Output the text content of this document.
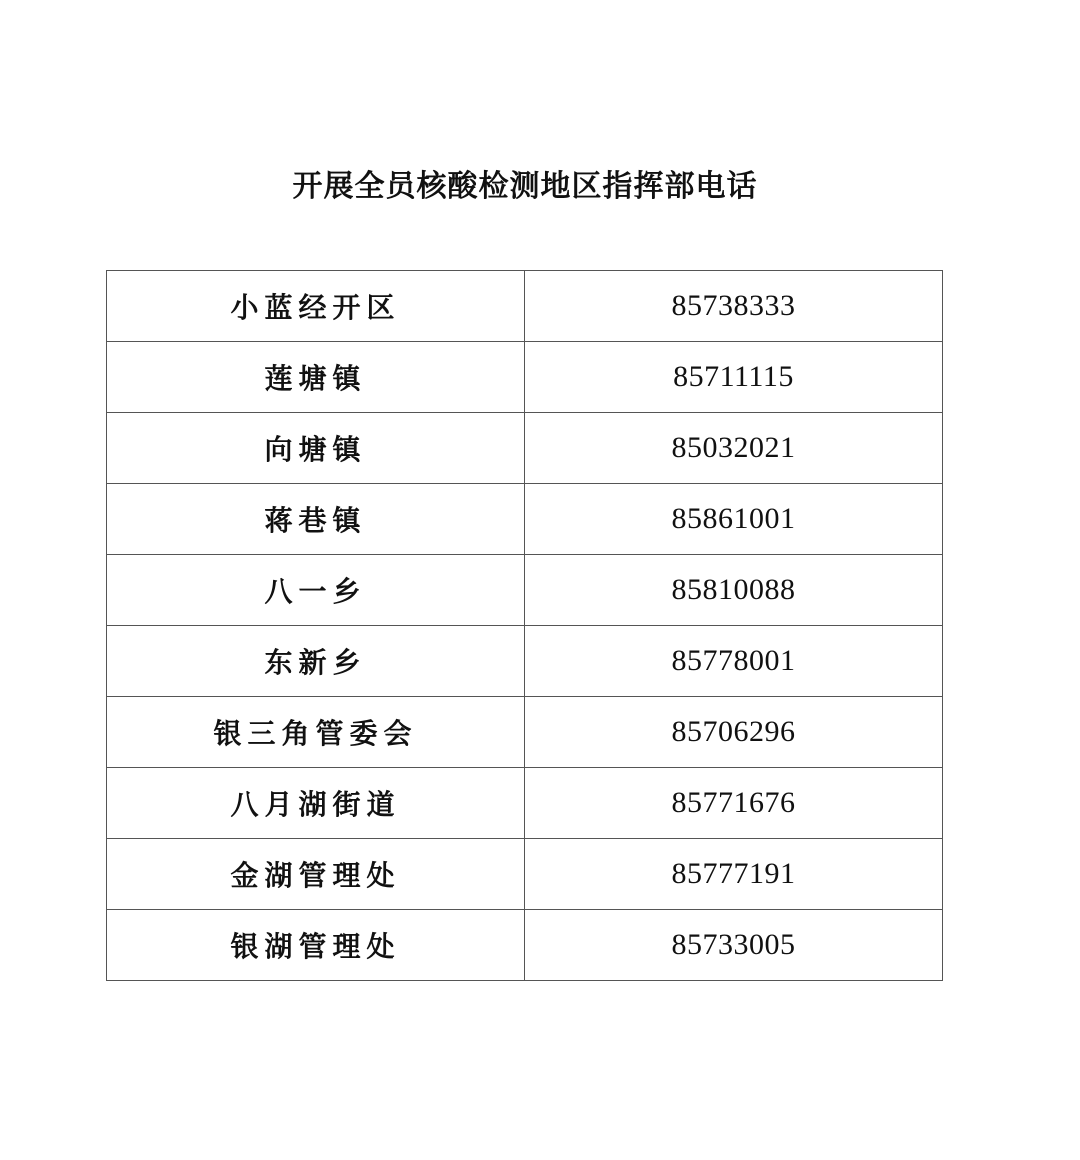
开展全员核酸检测地区指挥部电话
小蓝经开区	85738333
莲塘镇	85711115
向塘镇	85032021
蒋巷镇	85861001
八一乡	85810088
东新乡	85778001
银三角管委会	85706296
八月湖街道	85771676
金湖管理处	85777191
银湖管理处	85733005
